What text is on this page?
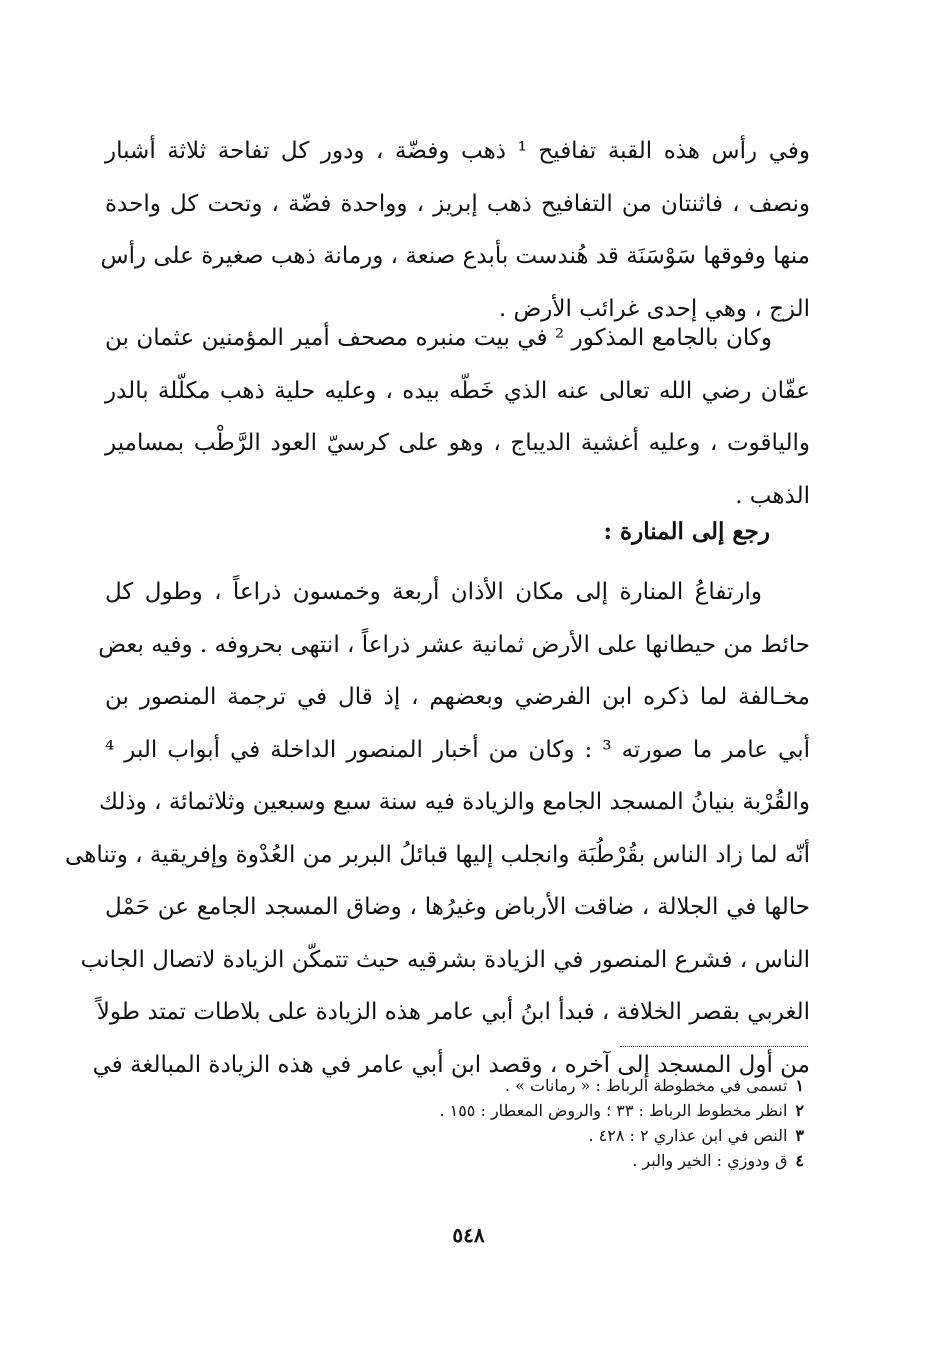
وفي رأس هذه القبة تفافيح ¹ ذهب وفضّة ، ودور كل تفاحة ثلاثة أشبار
ونصف ، فاثنتان من التفافيح ذهب إبريز ، وواحدة فضّة ، وتحت كل واحدة
منها وفوقها سَوْسَنَة قد هُندست بأبدع صنعة ، ورمانة ذهب صغيرة على رأس
الزج ، وهي إحدى غرائب الأرض .
وكان بالجامع المذكور ² في بيت منبره مصحف أمير المؤمنين عثمان بن
عفّان رضي الله تعالى عنه الذي خَطّه بيده ، وعليه حلية ذهب مكلّلة بالدر
والياقوت ، وعليه أغشية الديباج ، وهو على كرسيّ العود الرَّطْب بمسامير
الذهب .
رجع إلى المنارة :
وارتفاعُ المنارة إلى مكان الأذان أربعة وخمسون ذراعاً ، وطول كل
حائط من حيطانها على الأرض ثمانية عشر ذراعاً ، انتهى بحروفه . وفيه بعض
مخـالفة لما ذكره ابن الفرضي وبعضهم ، إذ قال في ترجمة المنصور بن
أبي عامر ما صورته ³ : وكان من أخبار المنصور الداخلة في أبواب البر ⁴
والقُرْبة بنيانُ المسجد الجامع والزيادة فيه سنة سبع وسبعين وثلاثمائة ، وذلك
أنّه لما زاد الناس بقُرْطُبَة وانجلب إليها قبائلُ البربر من العُدْوة وإفريقية ، وتناهى
حالها في الجلالة ، ضاقت الأرباض وغيرُها ، وضاق المسجد الجامع عن حَمْل
الناس ، فشرع المنصور في الزيادة بشرقيه حيث تتمكّن الزيادة لاتصال الجانب
الغربي بقصر الخلافة ، فبدأ ابنُ أبي عامر هذه الزيادة على بلاطات تمتد طولاً
من أول المسجد إلى آخره ، وقصد ابن أبي عامر في هذه الزيادة المبالغة في
١تسمى في مخطوطة الرباط : « رمانات » .
٢انظر مخطوط الرباط : ٣٣ ؛ والروض المعطار : ١٥٥ .
٣النص في ابن عذاري ٢ : ٤٢٨ .
٤ق ودوزي : الخير والبر .
٥٤٨
